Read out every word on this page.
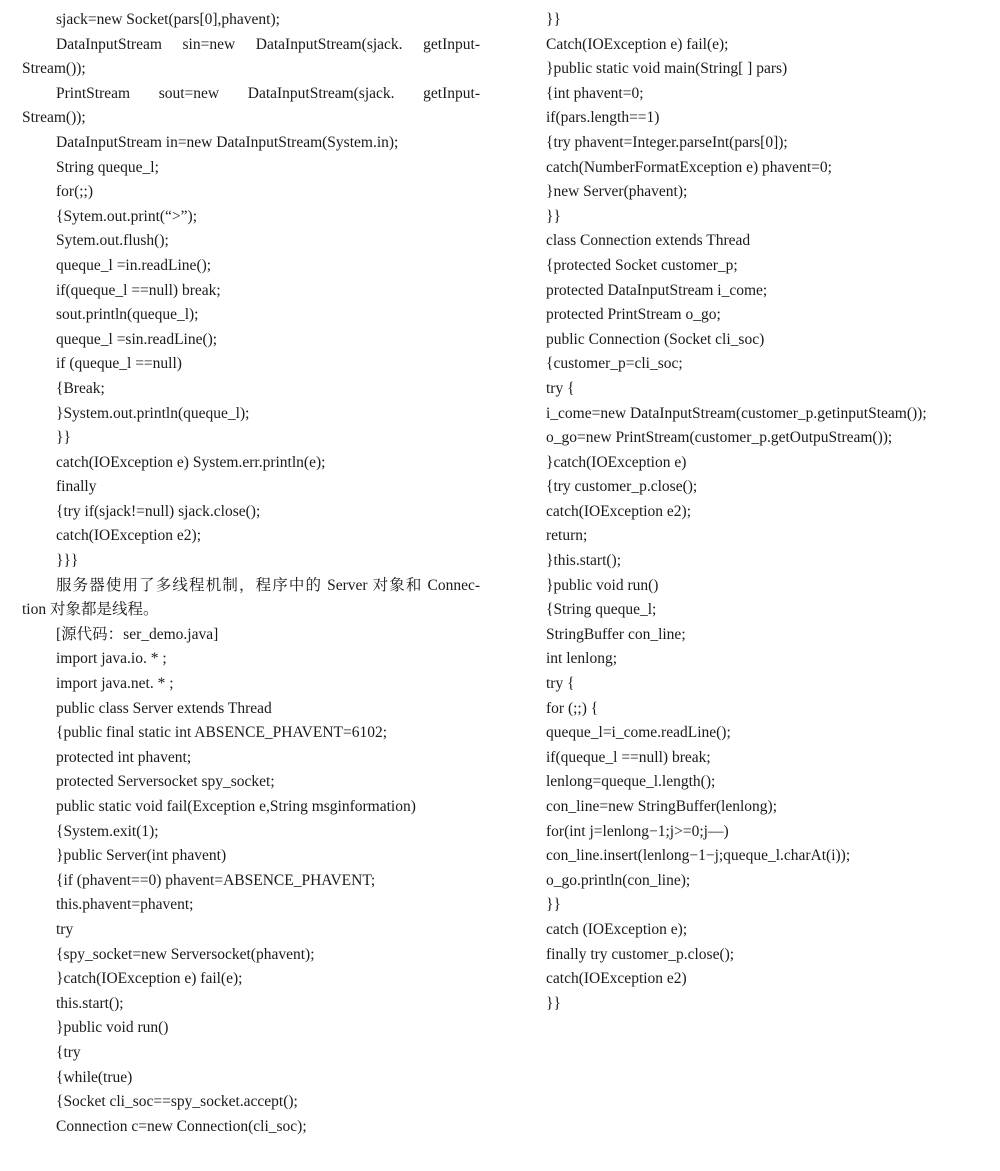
sjack=new Socket(pars[0],phavent);
DataInputStream sin=new DataInputStream(sjack. getInput-
Stream());
PrintStream sout=new DataInputStream(sjack. getInput-
Stream());
DataInputStream in=new DataInputStream(System.in);
String queque_l;
for(;;)
{Sytem.out.print(“>”);
Sytem.out.flush();
queque_l =in.readLine();
if(queque_l ==null) break;
sout.println(queque_l);
queque_l =sin.readLine();
if (queque_l ==null)
{Break;
}System.out.println(queque_l);
}}
catch(IOException e) System.err.println(e);
finally
{try if(sjack!=null) sjack.close();
catch(IOException e2);
}}}
服务器使用了多线程机制，程序中的 Server 对象和 Connec-
tion 对象都是线程。
[源代码：ser_demo.java]
import java.io. * ;
import java.net. * ;
public class Server extends Thread
{public final static int ABSENCE_PHAVENT=6102;
protected int phavent;
protected Serversocket spy_socket;
public static void fail(Exception e,String msginformation)
{System.exit(1);
}public Server(int phavent)
{if (phavent==0) phavent=ABSENCE_PHAVENT;
this.phavent=phavent;
try
{spy_socket=new Serversocket(phavent);
}catch(IOException e) fail(e);
this.start();
}public void run()
{try
{while(true)
{Socket cli_soc==spy_socket.accept();
Connection c=new Connection(cli_soc);
}}
Catch(IOException e) fail(e);
}public static void main(String[ ] pars)
{int phavent=0;
if(pars.length==1)
{try phavent=Integer.parseInt(pars[0]);
catch(NumberFormatException e) phavent=0;
}new Server(phavent);
}}
class Connection extends Thread
{protected Socket customer_p;
protected DataInputStream i_come;
protected PrintStream o_go;
public Connection (Socket cli_soc)
{customer_p=cli_soc;
try {
i_come=new DataInputStream(customer_p.getinputSteam());
o_go=new PrintStream(customer_p.getOutpuStream());
}catch(IOException e)
{try customer_p.close();
catch(IOException e2);
return;
}this.start();
}public void run()
{String queque_l;
StringBuffer con_line;
int lenlong;
try {
for (;;) {
queque_l=i_come.readLine();
if(queque_l ==null) break;
lenlong=queque_l.length();
con_line=new StringBuffer(lenlong);
for(int j=lenlong−1;j>=0;j—)
con_line.insert(lenlong−1−j;queque_l.charAt(i));
o_go.println(con_line);
}}
catch (IOException e);
finally try customer_p.close();
catch(IOException e2)
}}
